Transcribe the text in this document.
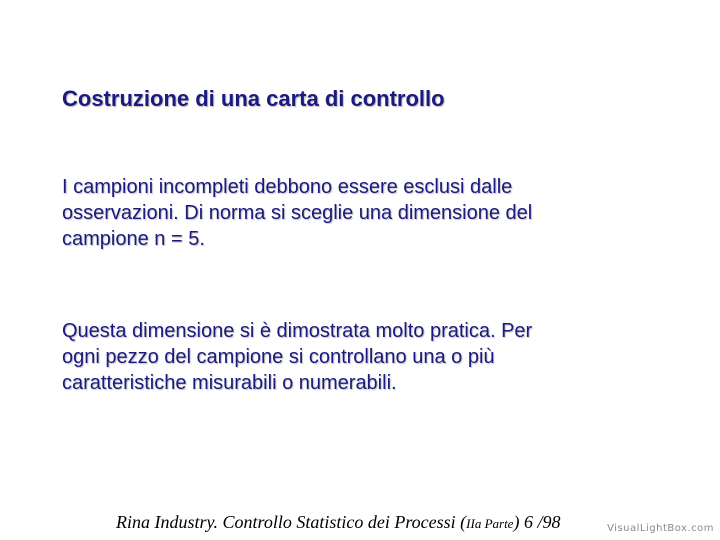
Costruzione di una carta di controllo

I campioni incompleti debbono essere esclusi dalle
osservazioni. Di norma si sceglie una dimensione del
campione n = 5.

Questa dimensione si è dimostrata molto pratica. Per
ogni pezzo del campione si controllano una o più
caratteristiche misurabili o numerabili.

Rina Industry. Controllo Statistico dei Processi (IIa Parte) 6 /98	VisualLightBox.com
